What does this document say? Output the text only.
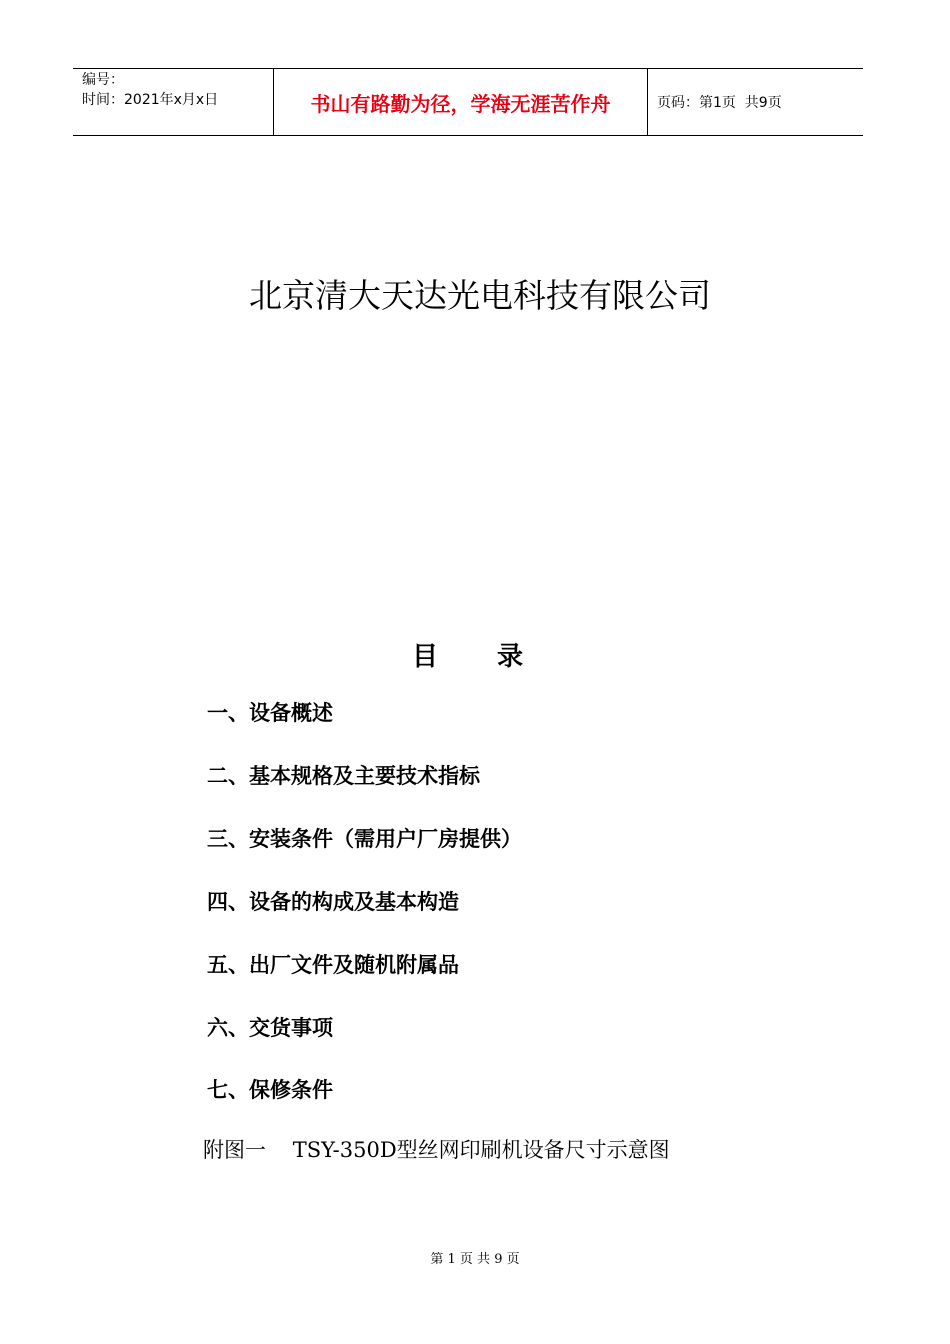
编号：
时间：2021年x月x日	书山有路勤为径，学海无涯苦作舟	页码：第1页  共9页
北京清大天达光电科技有限公司
目 录
一、设备概述
二、基本规格及主要技术指标
三、安装条件（需用户厂房提供）
四、设备的构成及基本构造
五、出厂文件及随机附属品
六、交货事项
七、保修条件
附图一    TSY-350D型丝网印刷机设备尺寸示意图
第 1 页 共 9 页
